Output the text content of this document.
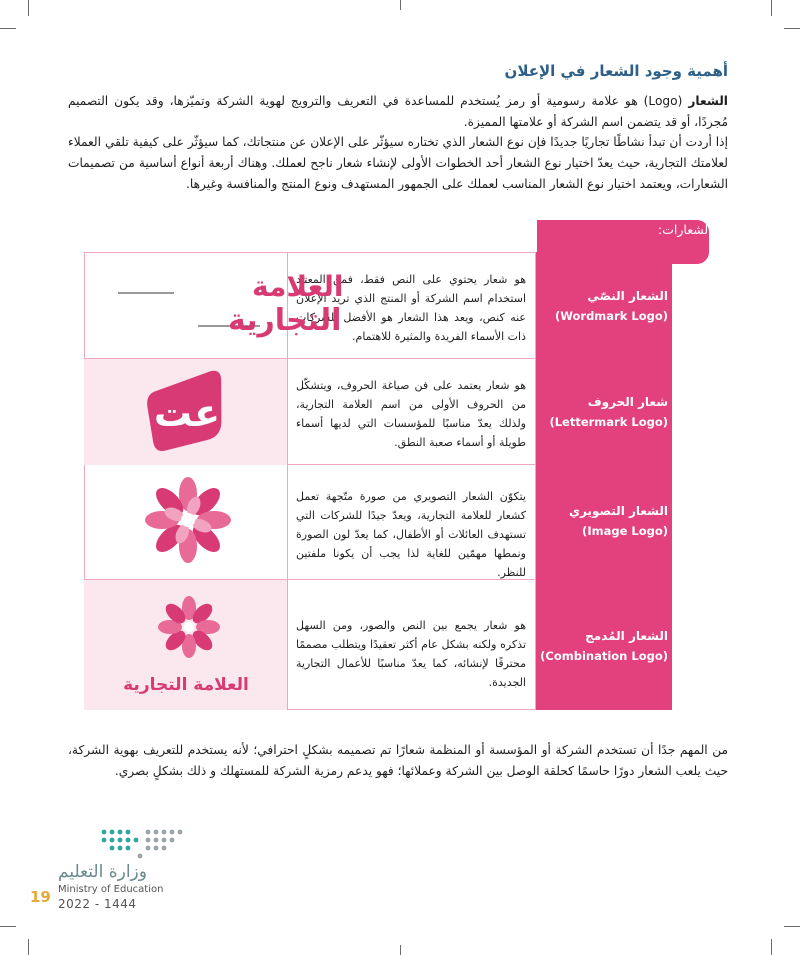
أهمية وجود الشعار في الإعلان
الشعار (Logo) هو علامة رسومية أو رمز يُستخدم للمساعدة في التعريف والترويج لهوية الشركة وتميّزها، وقد يكون التصميم مُجردًا، أو قد يتضمن اسم الشركة أو علامتها المميزة.
إذا أردت أن تبدأ نشاطًا تجاريًا جديدًا فإن نوع الشعار الذي تختاره سيؤثّر على الإعلان عن منتجاتك، كما سيؤثّر على كيفية تلقي العملاء لعلامتك التجارية، حيث يعدّ اختيار نوع الشعار أحد الخطوات الأولى لإنشاء شعار ناجح لعملك. وهناك أربعة أنواع أساسية من تصميمات الشعارات، ويعتمد اختيار نوع الشعار المناسب لعملك على الجمهور المستهدف ونوع المنتج والمنافسة وغيرها.
أنواع الشعارات:
الشعار النصّي
(Wordmark Logo)
هو شعار يحتوي على النص فقط، فمن المعتاد استخدام اسم الشركة أو المنتج الذي تريد الإعلان عنه كنص، ويعد هذا الشعار هو الأفضل للشركات ذات الأسماء الفريدة والمثيرة للاهتمام.
العلامة
التجارية
شعار الحروف
(Lettermark Logo)
هو شعار يعتمد على فن صياغة الحروف، ويتشكّل من الحروف الأولى من اسم العلامة التجارية، ولذلك يعدّ مناسبًا للمؤسسات التي لديها أسماء طويلة أو أسماء صعبة النطق.
عت
الشعار التصويري
(Image Logo)
يتكوّن الشعار التصويري من صورة متّجهة تعمل كشعار للعلامة التجارية، ويعدّ جيدًا للشركات التي تستهدف العائلات أو الأطفال، كما يعدّ لون الصورة ونمطها مهمّين للغاية لذا يجب أن يكونا ملفتين للنظر.
الشعار المُدمج
(Combination Logo)
هو شعار يجمع بين النص والصور، ومن السهل تذكره ولكنه بشكل عام أكثر تعقيدًا ويتطلب مصممًا محترفًا لإنشائه، كما يعدّ مناسبًا للأعمال التجارية الجديدة.
العلامة التجارية
من المهم جدًا أن تستخدم الشركة أو المؤسسة أو المنظمة شعارًا تم تصميمه بشكلٍ احترافي؛ لأنه يستخدم للتعريف بهوية الشركة، حيث يلعب الشعار دورًا حاسمًا كحلقة الوصل بين الشركة وعملائها؛ فهو يدعم رمزية الشركة للمستهلك و ذلك بشكلٍ بصري.
وزارة التعليم
Ministry of Education
19 2022 - 1444
